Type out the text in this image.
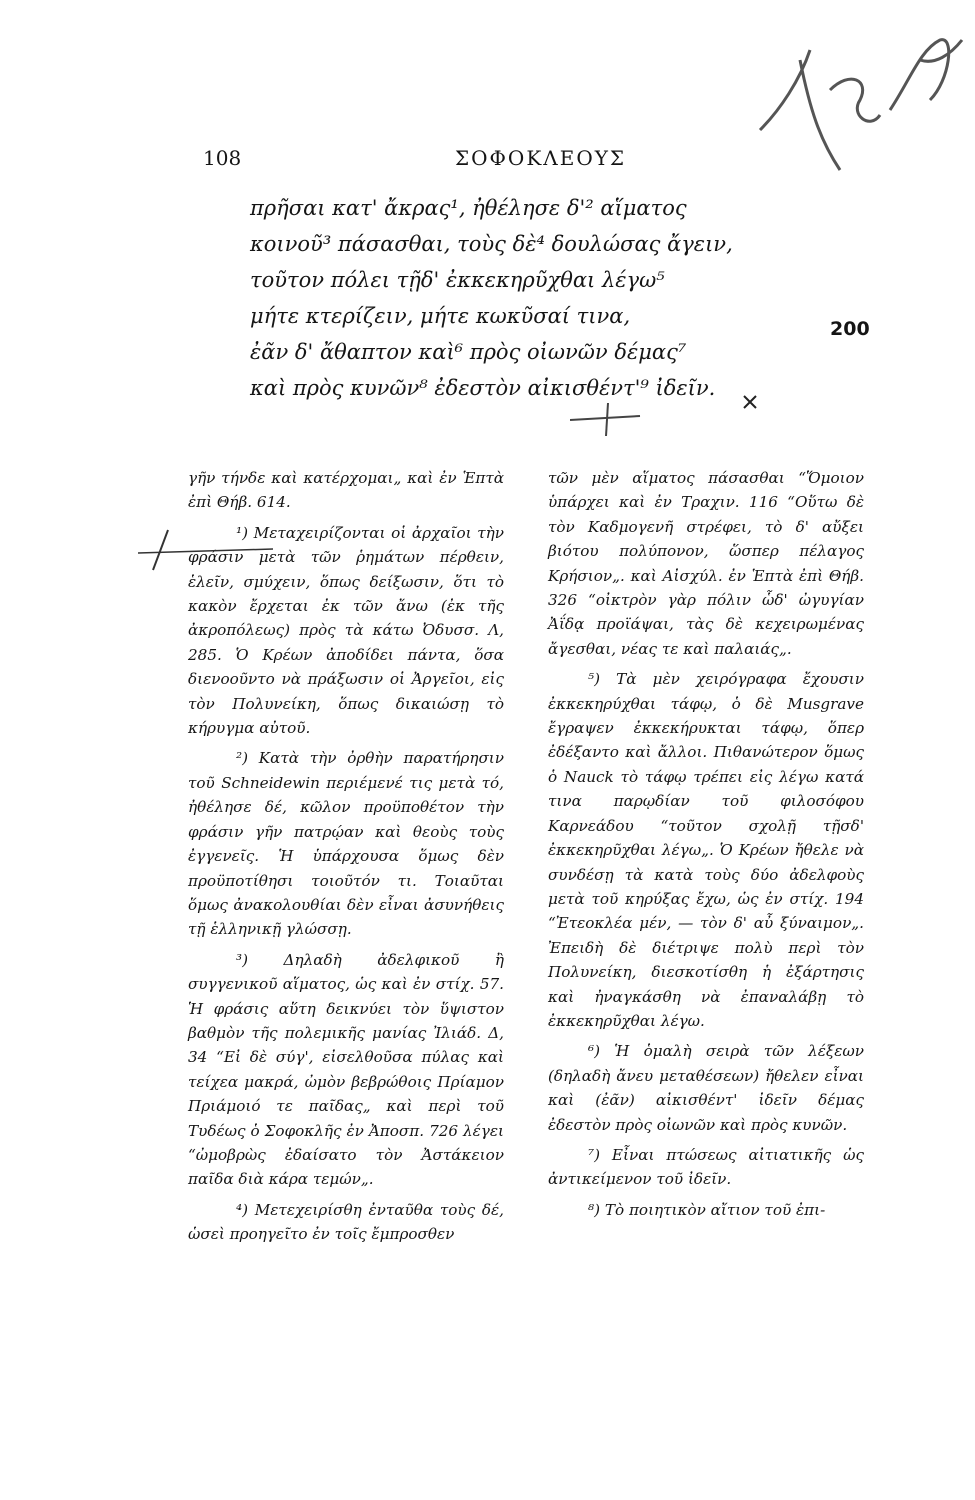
108	ΣΟΦΟΚΛΕΟΥΣ
πρῆσαι κατ' ἄκρας¹, ἠθέλησε δ'² αἵματος
κοινοῦ³ πάσασθαι, τοὺς δὲ⁴ δουλώσας ἄγειν,
τοῦτον πόλει τῇδ' ἐκκεκηρῦχθαι λέγω⁵
μήτε κτερίζειν, μήτε κωκῦσαί τινα,
ἐᾶν δ' ἄθαπτον καὶ⁶ πρὸς οἰωνῶν δέμας⁷
καὶ πρὸς κυνῶν⁸ ἐδεστὸν αἰκισθέντ'⁹ ἰδεῖν.
200

γῆν τήνδε καὶ κατέρχομαι„ καὶ ἐν Ἑπτὰ ἐπὶ Θήβ. 614.

¹) Μεταχειρίζονται οἱ ἀρχαῖοι τὴν φράσιν μετὰ τῶν ῥημάτων πέρθειν, ἑλεῖν, σμύχειν, ὅπως δείξωσιν, ὅτι τὸ κακὸν ἔρχεται ἐκ τῶν ἄνω (ἐκ τῆς ἀκροπόλεως) πρὸς τὰ κάτω Ὀδυσσ. Λ, 285. Ὁ Κρέων ἀποδίδει πάντα, ὅσα διενοοῦντο νὰ πράξωσιν οἱ Ἀργεῖοι, εἰς τὸν Πολυνείκη, ὅπως δικαιώσῃ τὸ κήρυγμα αὐτοῦ.

²) Κατὰ τὴν ὀρθὴν παρατήρησιν τοῦ Schneidewin περιέμενέ τις μετὰ τό, ἠθέλησε δέ, κῶλον προϋποθέτον τὴν φράσιν γῆν πατρῴαν καὶ θεοὺς τοὺς ἐγγενεῖς. Ἡ ὑπάρχουσα ὅμως δὲν προϋποτίθησι τοιοῦτόν τι. Τοιαῦται ὅμως ἀνακολουθίαι δὲν εἶναι ἀσυνήθεις τῇ ἑλληνικῇ γλώσσῃ.

³) Δηλαδὴ ἀδελφικοῦ ἢ συγγενικοῦ αἵματος, ὡς καὶ ἐν στίχ. 57. Ἡ φράσις αὕτη δεικνύει τὸν ὕψιστον βαθμὸν τῆς πολεμικῆς μανίας Ἰλιάδ. Δ, 34 “Εἰ δὲ σύγ', εἰσελθοῦσα πύλας καὶ τείχεα μακρά, ὠμὸν βεβρώθοις Πρίαμον Πριάμοιό τε παῖδας„ καὶ περὶ τοῦ Τυδέως ὁ Σοφοκλῆς ἐν Ἀποσπ. 726 λέγει “ὠμοβρὼς ἐδαίσατο τὸν Ἀστάκειον παῖδα διὰ κάρα τεμών„.

⁴) Μετεχειρίσθη ἐνταῦθα τοὺς δέ, ὡσεὶ προηγεῖτο ἐν τοῖς ἔμπροσθεν

τῶν μὲν αἵματος πάσασθαι “Ὅμοιον ὑπάρχει καὶ ἐν Τραχιν. 116 “Οὕτω δὲ τὸν Καδμογενῆ στρέφει, τὸ δ' αὔξει βιότου πολύπονον, ὥσπερ πέλαγος Κρήσιον„. καὶ Αἰσχύλ. ἐν Ἑπτὰ ἐπὶ Θήβ. 326 “οἰκτρὸν γὰρ πόλιν ὧδ' ὠγυγίαν Ἀΐδᾳ προϊάψαι, τὰς δὲ κεχειρωμένας ἄγεσθαι, νέας τε καὶ παλαιάς„.

⁵) Τὰ μὲν χειρόγραφα ἔχουσιν ἐκκεκηρύχθαι τάφῳ, ὁ δὲ Musgrave ἔγραψεν ἐκκεκήρυκται τάφῳ, ὅπερ ἐδέξαντο καὶ ἄλλοι. Πιθανώτερον ὅμως ὁ Nauck τὸ τάφῳ τρέπει εἰς λέγω κατά τινα παρῳδίαν τοῦ φιλοσόφου Καρνεάδου “τοῦτον σχολῇ τῇσδ' ἐκκεκηρῦχθαι λέγω„. Ὁ Κρέων ἤθελε νὰ συνδέσῃ τὰ κατὰ τοὺς δύο ἀδελφοὺς μετὰ τοῦ κηρύξας ἔχω, ὡς ἐν στίχ. 194 “Ἐτεοκλέα μέν, — τὸν δ' αὖ ξύναιμον„. Ἐπειδὴ δὲ διέτριψε πολὺ περὶ τὸν Πολυνείκη, διεσκοτίσθη ἡ ἐξάρτησις καὶ ἠναγκάσθη νὰ ἐπαναλάβῃ τὸ ἐκκεκηρῦχθαι λέγω.

⁶) Ἡ ὁμαλὴ σειρὰ τῶν λέξεων (δηλαδὴ ἄνευ μεταθέσεων) ἤθελεν εἶναι καὶ (ἐᾶν) αἰκισθέντ' ἰδεῖν δέμας ἐδεστὸν πρὸς οἰωνῶν καὶ πρὸς κυνῶν.

⁷) Εἶναι πτώσεως αἰτιατικῆς ὡς ἀντικείμενον τοῦ ἰδεῖν.

⁸) Τὸ ποιητικὸν αἴτιον τοῦ ἐπι-
